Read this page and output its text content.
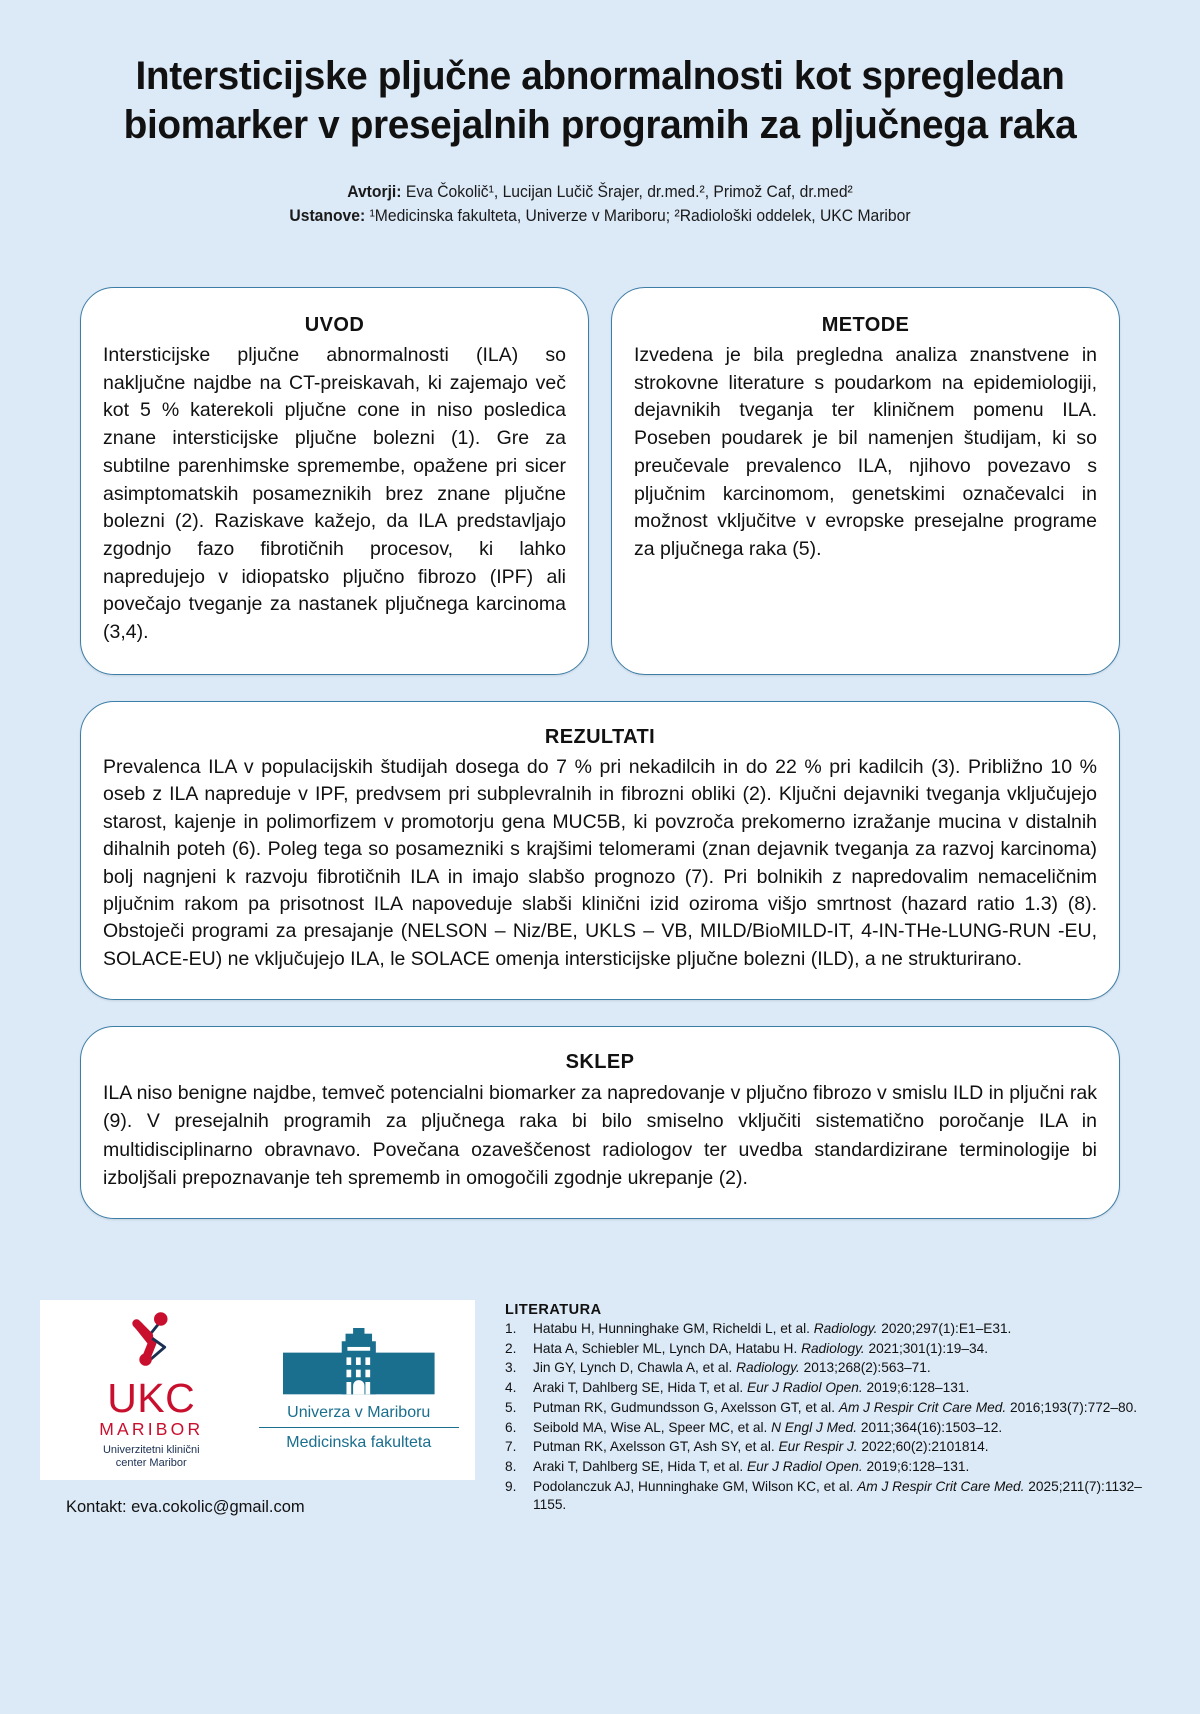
Intersticijske pljučne abnormalnosti kot spregledan biomarker v presejalnih programih za pljučnega raka
Avtorji: Eva Čokolič¹, Lucijan Lučič Šrajer, dr.med.², Primož Caf, dr.med²
Ustanove: ¹Medicinska fakulteta, Univerze v Mariboru; ²Radiološki oddelek, UKC Maribor
UVOD
Intersticijske pljučne abnormalnosti (ILA) so naključne najdbe na CT-preiskavah, ki zajemajo več kot 5 % katerekoli pljučne cone in niso posledica znane intersticijske pljučne bolezni (1). Gre za subtilne parenhimske spremembe, opažene pri sicer asimptomatskih posameznikih brez znane pljučne bolezni (2). Raziskave kažejo, da ILA predstavljajo zgodnjo fazo fibrotičnih procesov, ki lahko napredujejo v idiopatsko pljučno fibrozo (IPF) ali povečajo tveganje za nastanek pljučnega karcinoma (3,4).
METODE
Izvedena je bila pregledna analiza znanstvene in strokovne literature s poudarkom na epidemiologiji, dejavnikih tveganja ter kliničnem pomenu ILA. Poseben poudarek je bil namenjen študijam, ki so preučevale prevalenco ILA, njihovo povezavo s pljučnim karcinomom, genetskimi označevalci in možnost vključitve v evropske presejalne programe za pljučnega raka (5).
REZULTATI
Prevalenca ILA v populacijskih študijah dosega do 7 % pri nekadilcih in do 22 % pri kadilcih (3). Približno 10 % oseb z ILA napreduje v IPF, predvsem pri subplevralnih in fibrozni obliki (2). Ključni dejavniki tveganja vključujejo starost, kajenje in polimorfizem v promotorju gena MUC5B, ki povzroča prekomerno izražanje mucina v distalnih dihalnih poteh (6). Poleg tega so posamezniki s krajšimi telomerami (znan dejavnik tveganja za razvoj karcinoma) bolj nagnjeni k razvoju fibrotičnih ILA in imajo slabšo prognozo (7). Pri bolnikih z napredovalim nemaceličnim pljučnim rakom pa prisotnost ILA napoveduje slabši klinični izid oziroma višjo smrtnost (hazard ratio 1.3) (8). Obstoječi programi za presajanje (NELSON – Niz/BE, UKLS – VB, MILD/BioMILD-IT, 4-IN-THe-LUNG-RUN -EU, SOLACE-EU) ne vključujejo ILA, le SOLACE omenja intersticijske pljučne bolezni (ILD), a ne strukturirano.
SKLEP
ILA niso benigne najdbe, temveč potencialni biomarker za napredovanje v pljučno fibrozo v smislu ILD in pljučni rak (9). V presejalnih programih za pljučnega raka bi bilo smiselno vključiti sistematično poročanje ILA in multidisciplinarno obravnavo. Povečana ozaveščenost radiologov ter uvedba standardizirane terminologije bi izboljšali prepoznavanje teh sprememb in omogočili zgodnje ukrepanje (2).
UKC
MARIBOR
Univerzitetni klinični
center Maribor
Univerza v Mariboru
Medicinska fakulteta
Kontakt: eva.cokolic@gmail.com
LITERATURA
Hatabu H, Hunninghake GM, Richeldi L, et al. Radiology. 2020;297(1):E1–E31.
Hata A, Schiebler ML, Lynch DA, Hatabu H. Radiology. 2021;301(1):19–34.
Jin GY, Lynch D, Chawla A, et al. Radiology. 2013;268(2):563–71.
Araki T, Dahlberg SE, Hida T, et al. Eur J Radiol Open. 2019;6:128–131.
Putman RK, Gudmundsson G, Axelsson GT, et al. Am J Respir Crit Care Med. 2016;193(7):772–80.
Seibold MA, Wise AL, Speer MC, et al. N Engl J Med. 2011;364(16):1503–12.
Putman RK, Axelsson GT, Ash SY, et al. Eur Respir J. 2022;60(2):2101814.
Araki T, Dahlberg SE, Hida T, et al. Eur J Radiol Open. 2019;6:128–131.
Podolanczuk AJ, Hunninghake GM, Wilson KC, et al. Am J Respir Crit Care Med. 2025;211(7):1132–1155.
